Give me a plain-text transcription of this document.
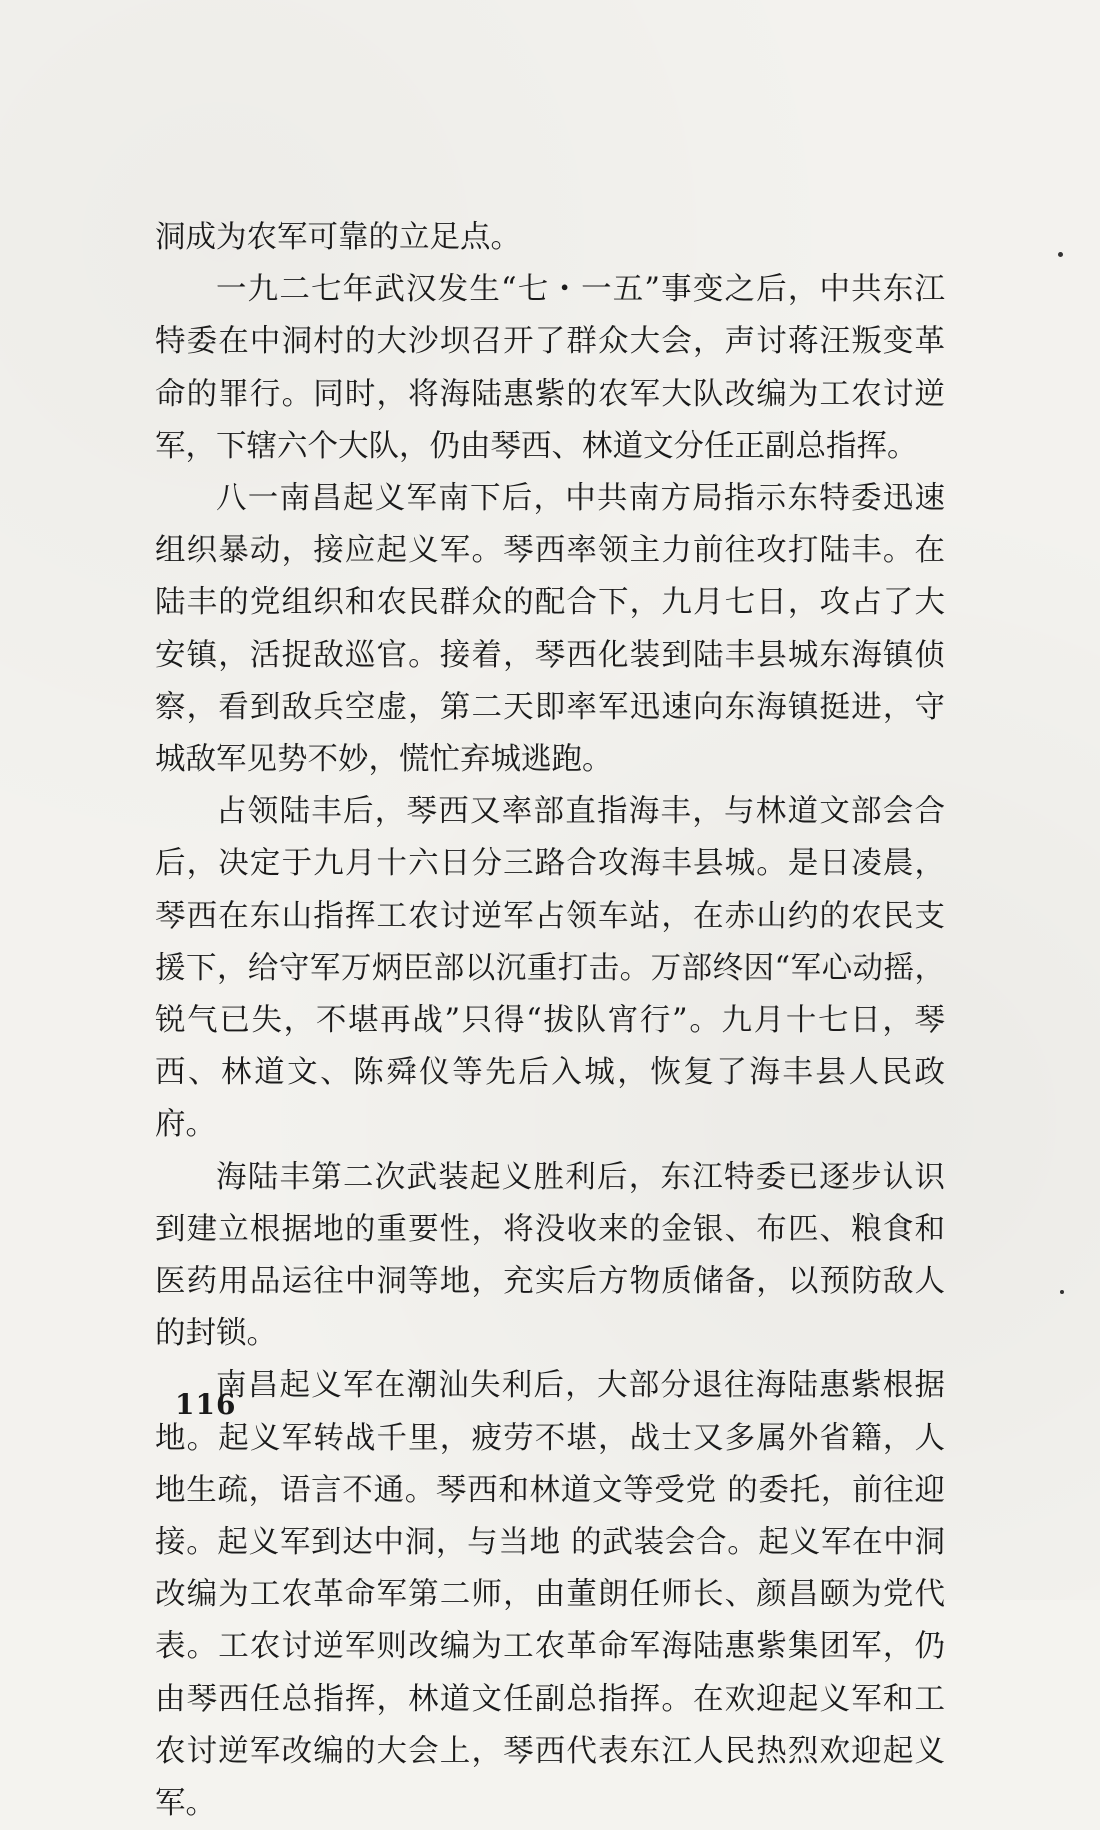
洞成为农军可靠的立足点。

一九二七年武汉发生“七・一五”事变之后，中共东江特委在中洞村的大沙坝召开了群众大会，声讨蒋汪叛变革命的罪行。同时，将海陆惠紫的农军大队改编为工农讨逆军，下辖六个大队，仍由琴西、林道文分任正副总指挥。

八一南昌起义军南下后，中共南方局指示东特委迅速组织暴动，接应起义军。琴西率领主力前往攻打陆丰。在陆丰的党组织和农民群众的配合下，九月七日，攻占了大安镇，活捉敌巡官。接着，琴西化装到陆丰县城东海镇侦察，看到敌兵空虚，第二天即率军迅速向东海镇挺进，守城敌军见势不妙，慌忙弃城逃跑。

占领陆丰后，琴西又率部直指海丰，与林道文部会合后，决定于九月十六日分三路合攻海丰县城。是日凌晨，琴西在东山指挥工农讨逆军占领车站，在赤山约的农民支援下，给守军万炳臣部以沉重打击。万部终因“军心动摇，锐气已失，不堪再战”只得“拔队宵行”。九月十七日，琴西、林道文、陈舜仪等先后入城，恢复了海丰县人民政府。

海陆丰第二次武装起义胜利后，东江特委已逐步认识到建立根据地的重要性，将没收来的金银、布匹、粮食和医药用品运往中洞等地，充实后方物质储备，以预防敌人的封锁。

南昌起义军在潮汕失利后，大部分退往海陆惠紫根据地。起义军转战千里，疲劳不堪，战士又多属外省籍，人地生疏，语言不通。琴西和林道文等受党 的委托，前往迎接。起义军到达中洞，与当地 的武装会合。起义军在中洞改编为工农革命军第二师，由董朗任师长、颜昌颐为党代表。工农讨逆军则改编为工农革命军海陆惠紫集团军，仍由琴西任总指挥，林道文任副总指挥。在欢迎起义军和工农讨逆军改编的大会上，琴西代表东江人民热烈欢迎起义军。

116
